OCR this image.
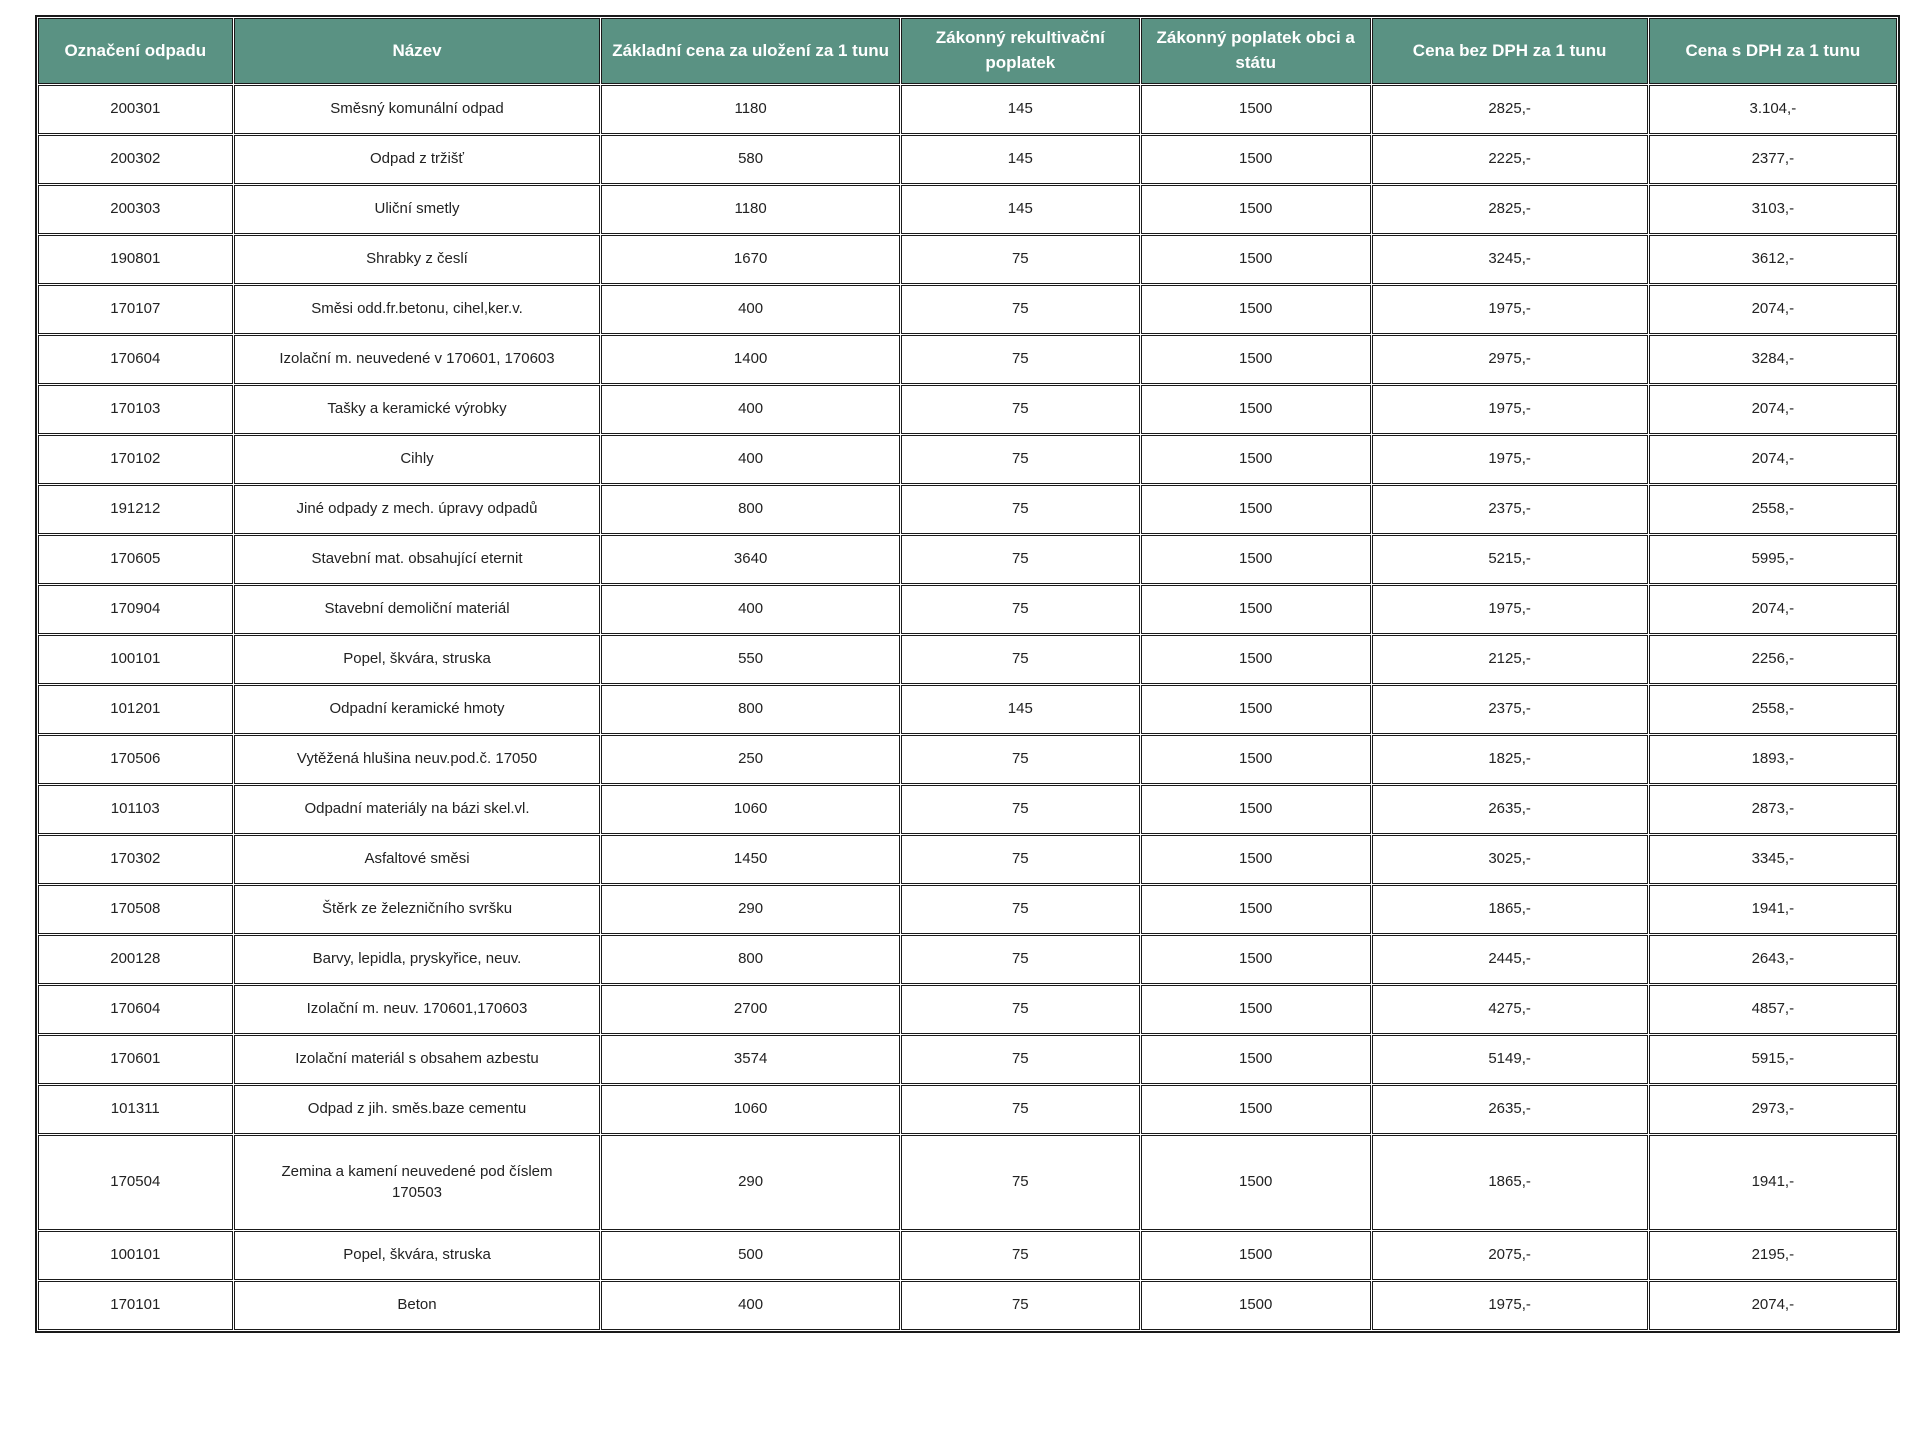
Označení odpadu	Název	Základní cena za uložení za 1 tunu	Zákonný rekultivační poplatek	Zákonný poplatek obci a státu	Cena bez DPH za 1 tunu	Cena s DPH za 1 tunu
200301	Směsný komunální odpad	1180	145	1500	2825,-	3.104,-
200302	Odpad z tržišť	580	145	1500	2225,-	2377,-
200303	Uliční smetly	1180	145	1500	2825,-	3103,-
190801	Shrabky z česlí	1670	75	1500	3245,-	3612,-
170107	Směsi odd.fr.betonu, cihel,ker.v.	400	75	1500	1975,-	2074,-
170604	Izolační m. neuvedené v 170601, 170603	1400	75	1500	2975,-	3284,-
170103	Tašky a keramické výrobky	400	75	1500	1975,-	2074,-
170102	Cihly	400	75	1500	1975,-	2074,-
191212	Jiné odpady z mech. úpravy odpadů	800	75	1500	2375,-	2558,-
170605	Stavební mat. obsahující eternit	3640	75	1500	5215,-	5995,-
170904	Stavební demoliční materiál	400	75	1500	1975,-	2074,-
100101	Popel, škvára, struska	550	75	1500	2125,-	2256,-
101201	Odpadní keramické hmoty	800	145	1500	2375,-	2558,-
170506	Vytěžená hlušina neuv.pod.č. 17050	250	75	1500	1825,-	1893,-
101103	Odpadní materiály na bázi skel.vl.	1060	75	1500	2635,-	2873,-
170302	Asfaltové směsi	1450	75	1500	3025,-	3345,-
170508	Štěrk ze železničního svršku	290	75	1500	1865,-	1941,-
200128	Barvy, lepidla, pryskyřice, neuv.	800	75	1500	2445,-	2643,-
170604	Izolační m. neuv. 170601,170603	2700	75	1500	4275,-	4857,-
170601	Izolační materiál s obsahem azbestu	3574	75	1500	5149,-	5915,-
101311	Odpad z jih. směs.baze cementu	1060	75	1500	2635,-	2973,-
170504	Zemina a kamení neuvedené pod číslem 170503	290	75	1500	1865,-	1941,-
100101	Popel, škvára, struska	500	75	1500	2075,-	2195,-
170101	Beton	400	75	1500	1975,-	2074,-
